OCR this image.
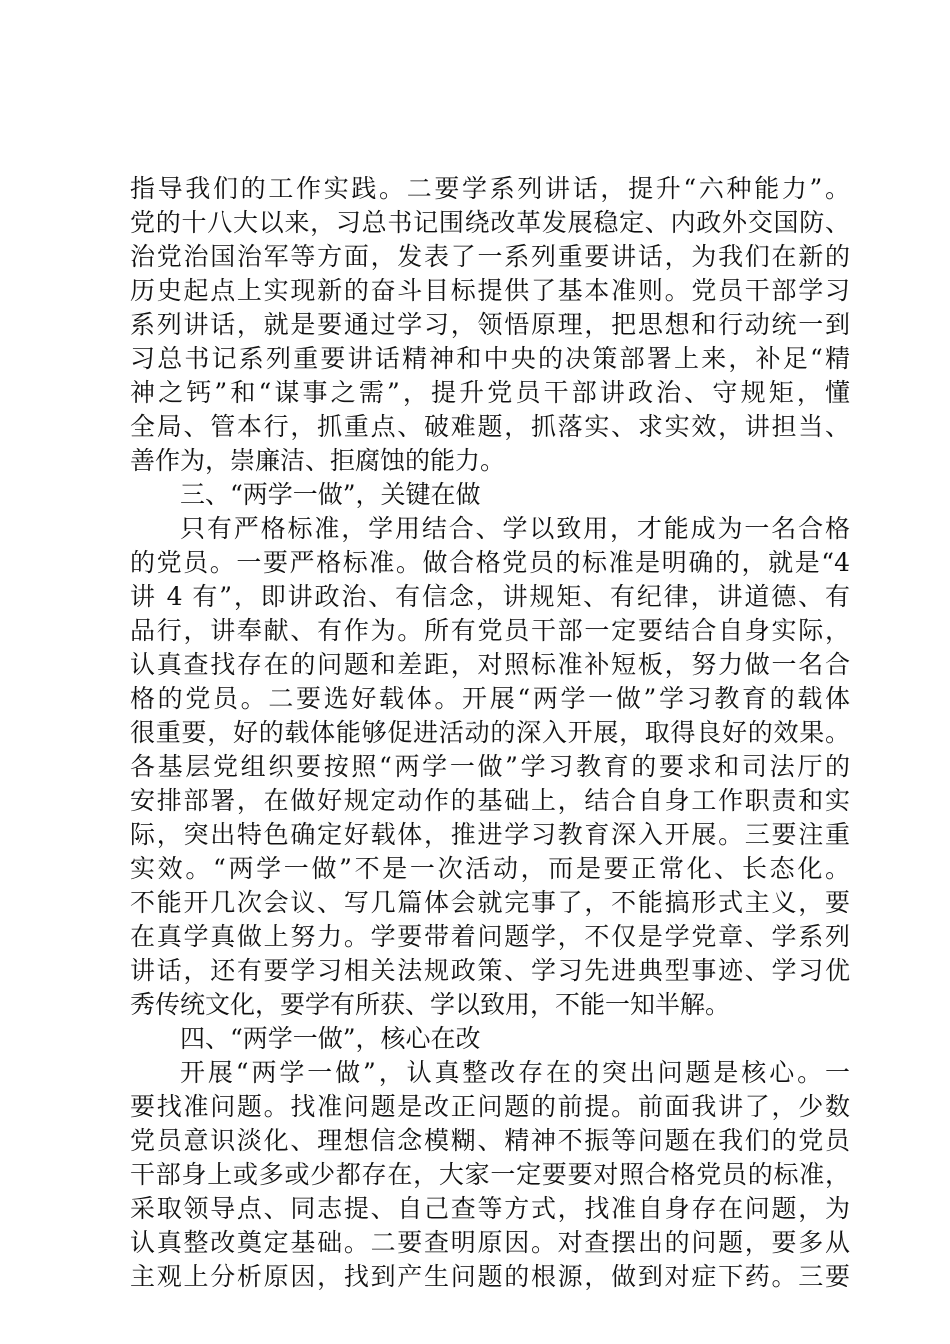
指导我们的工作实践。二要学系列讲话，提升“六种能力”。
党的十八大以来，习总书记围绕改革发展稳定、内政外交国防、
治党治国治军等方面，发表了一系列重要讲话，为我们在新的
历史起点上实现新的奋斗目标提供了基本准则。党员干部学习
系列讲话，就是要通过学习，领悟原理，把思想和行动统一到
习总书记系列重要讲话精神和中央的决策部署上来，补足“精
神之钙”和“谋事之需”，提升党员干部讲政治、守规矩，懂
全局、管本行，抓重点、破难题，抓落实、求实效，讲担当、
善作为，崇廉洁、拒腐蚀的能力。
三、“两学一做”，关键在做
只有严格标准，学用结合、学以致用，才能成为一名合格
的党员。一要严格标准。做合格党员的标准是明确的，就是“4
讲 4 有”，即讲政治、有信念，讲规矩、有纪律，讲道德、有
品行，讲奉献、有作为。所有党员干部一定要结合自身实际，
认真查找存在的问题和差距，对照标准补短板，努力做一名合
格的党员。二要选好载体。开展“两学一做”学习教育的载体
很重要，好的载体能够促进活动的深入开展，取得良好的效果。
各基层党组织要按照“两学一做”学习教育的要求和司法厅的
安排部署，在做好规定动作的基础上，结合自身工作职责和实
际，突出特色确定好载体，推进学习教育深入开展。三要注重
实效。“两学一做”不是一次活动，而是要正常化、长态化。
不能开几次会议、写几篇体会就完事了，不能搞形式主义，要
在真学真做上努力。学要带着问题学，不仅是学党章、学系列
讲话，还有要学习相关法规政策、学习先进典型事迹、学习优
秀传统文化，要学有所获、学以致用，不能一知半解。
四、“两学一做”，核心在改
开展“两学一做”，认真整改存在的突出问题是核心。一
要找准问题。找准问题是改正问题的前提。前面我讲了，少数
党员意识淡化、理想信念模糊、精神不振等问题在我们的党员
干部身上或多或少都存在，大家一定要要对照合格党员的标准，
采取领导点、同志提、自己查等方式，找准自身存在问题，为
认真整改奠定基础。二要查明原因。对查摆出的问题，要多从
主观上分析原因，找到产生问题的根源，做到对症下药。三要
